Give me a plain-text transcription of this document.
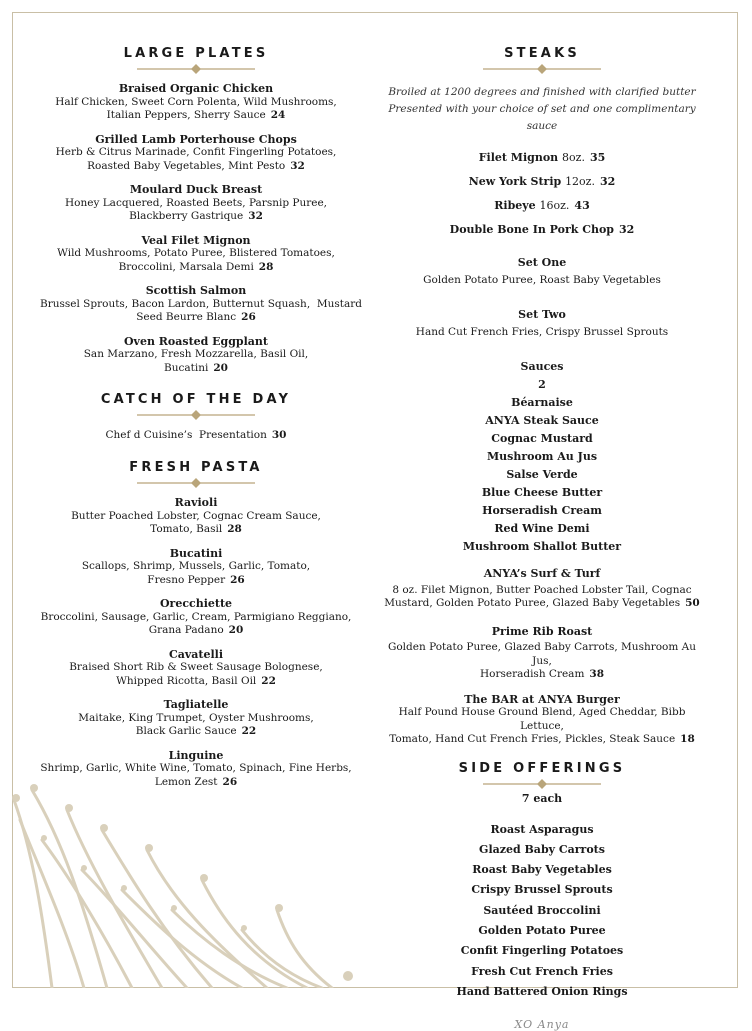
LARGE PLATES
Braised Organic Chicken
Half Chicken, Sweet Corn Polenta, Wild Mushrooms,
Italian Peppers, Sherry Sauce 24
Grilled Lamb Porterhouse Chops
Herb & Citrus Marinade, Confit Fingerling Potatoes,
Roasted Baby Vegetables, Mint Pesto 32
Moulard Duck Breast
Honey Lacquered, Roasted Beets, Parsnip Puree,
Blackberry Gastrique 32
Veal Filet Mignon
Wild Mushrooms, Potato Puree, Blistered Tomatoes,
Broccolini, Marsala Demi 28
Scottish Salmon
Brussel Sprouts, Bacon Lardon, Butternut Squash,  Mustard
Seed Beurre Blanc 26
Oven Roasted Eggplant
San Marzano, Fresh Mozzarella, Basil Oil,
Bucatini 20
CATCH OF THE DAY
Chef d Cuisine’s  Presentation 30
FRESH PASTA
Ravioli
Butter Poached Lobster, Cognac Cream Sauce,
Tomato, Basil 28
Bucatini
Scallops, Shrimp, Mussels, Garlic, Tomato,
Fresno Pepper 26
Orecchiette
Broccolini, Sausage, Garlic, Cream, Parmigiano Reggiano,
Grana Padano 20
Cavatelli
Braised Short Rib & Sweet Sausage Bolognese,
Whipped Ricotta, Basil Oil 22
Tagliatelle
Maitake, King Trumpet, Oyster Mushrooms,
Black Garlic Sauce 22
Linguine
Shrimp, Garlic, White Wine, Tomato, Spinach, Fine Herbs,
Lemon Zest 26
STEAKS
Broiled at 1200 degrees and finished with clarified butter
Presented with your choice of set and one complimentary sauce
Filet Mignon 8oz. 35
New York Strip 12oz. 32
Ribeye 16oz. 43
Double Bone In Pork Chop 32
Set One
Golden Potato Puree, Roast Baby Vegetables
Set Two
Hand Cut French Fries, Crispy Brussel Sprouts
Sauces
2
Béarnaise
ANYA Steak Sauce
Cognac Mustard
Mushroom Au Jus
Salse Verde
Blue Cheese Butter
Horseradish Cream
Red Wine Demi
Mushroom Shallot Butter
ANYA’s Surf & Turf
8 oz. Filet Mignon, Butter Poached Lobster Tail, Cognac
Mustard, Golden Potato Puree, Glazed Baby Vegetables 50
Prime Rib Roast
Golden Potato Puree, Glazed Baby Carrots, Mushroom Au Jus,
Horseradish Cream 38
The BAR at ANYA Burger
Half Pound House Ground Blend, Aged Cheddar, Bibb Lettuce,
Tomato, Hand Cut French Fries, Pickles, Steak Sauce 18
SIDE OFFERINGS
7 each
Roast Asparagus
Glazed Baby Carrots
Roast Baby Vegetables
Crispy Brussel Sprouts
Sautéed Broccolini
Golden Potato Puree
Confit Fingerling Potatoes
Fresh Cut French Fries
Hand Battered Onion Rings
XO Anya
